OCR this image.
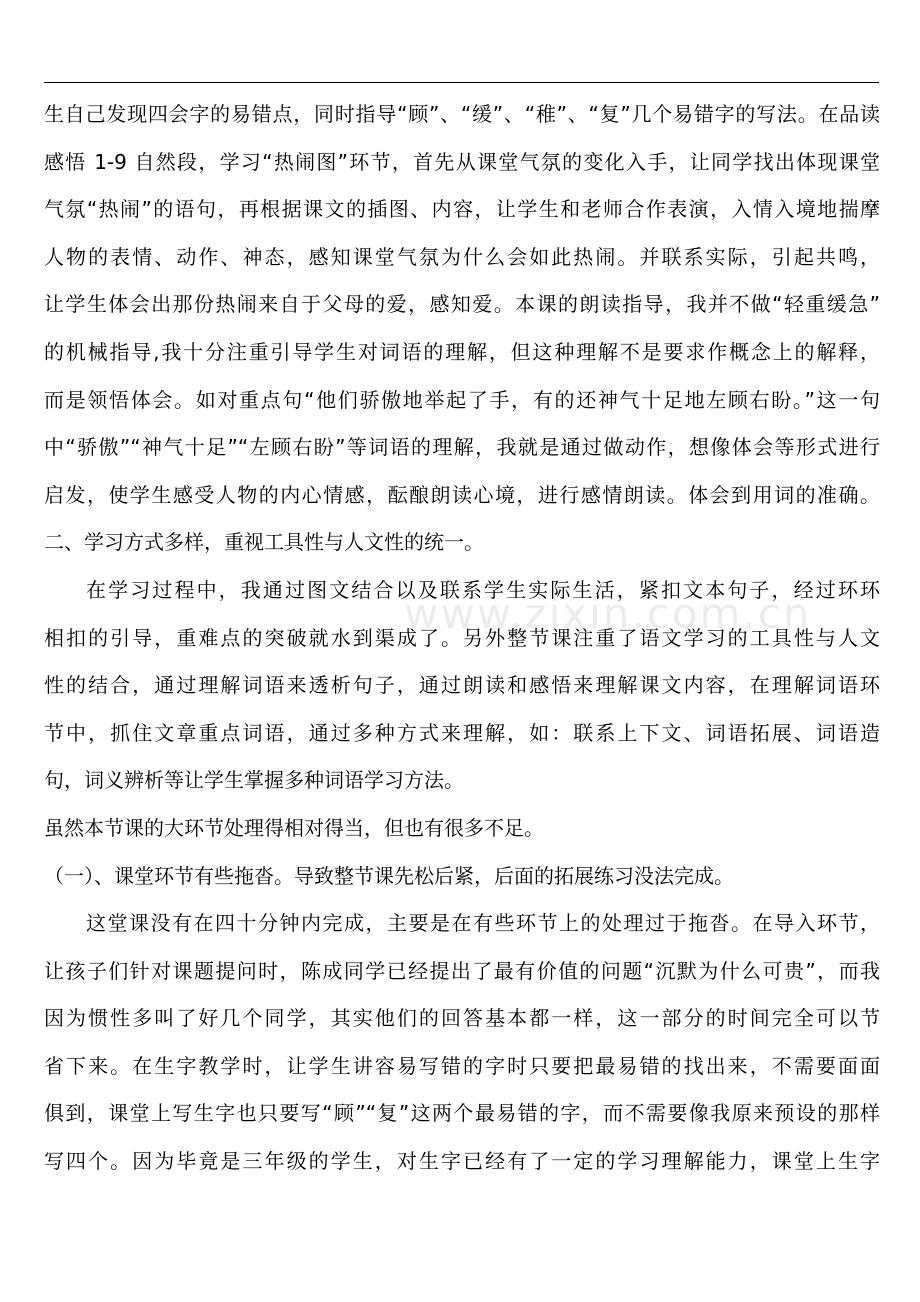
www.zixin.com.cn
生自己发现四会字的易错点，同时指导“顾”、“缓”、“稚”、“复”几个易错字的写法。在品读
感悟 1-9 自然段，学习“热闹图”环节，首先从课堂气氛的变化入手，让同学找出体现课堂
气氛“热闹”的语句，再根据课文的插图、内容，让学生和老师合作表演，入情入境地揣摩
人物的表情、动作、神态，感知课堂气氛为什么会如此热闹。并联系实际，引起共鸣，
让学生体会出那份热闹来自于父母的爱，感知爱。本课的朗读指导，我并不做“轻重缓急”
的机械指导,我十分注重引导学生对词语的理解，但这种理解不是要求作概念上的解释，
而是领悟体会。如对重点句“他们骄傲地举起了手，有的还神气十足地左顾右盼。”这一句
中“骄傲”“神气十足”“左顾右盼”等词语的理解，我就是通过做动作，想像体会等形式进行
启发，使学生感受人物的内心情感，酝酿朗读心境，进行感情朗读。体会到用词的准确。
二、学习方式多样，重视工具性与人文性的统一。
在学习过程中，我通过图文结合以及联系学生实际生活，紧扣文本句子，经过环环
相扣的引导，重难点的突破就水到渠成了。另外整节课注重了语文学习的工具性与人文
性的结合，通过理解词语来透析句子，通过朗读和感悟来理解课文内容，在理解词语环
节中，抓住文章重点词语，通过多种方式来理解，如：联系上下文、词语拓展、词语造
句，词义辨析等让学生掌握多种词语学习方法。
虽然本节课的大环节处理得相对得当，但也有很多不足。
（一）、课堂环节有些拖沓。导致整节课先松后紧，后面的拓展练习没法完成。
这堂课没有在四十分钟内完成，主要是在有些环节上的处理过于拖沓。在导入环节，
让孩子们针对课题提问时，陈成同学已经提出了最有价值的问题“沉默为什么可贵”，而我
因为惯性多叫了好几个同学，其实他们的回答基本都一样，这一部分的时间完全可以节
省下来。在生字教学时，让学生讲容易写错的字时只要把最易错的找出来，不需要面面
俱到，课堂上写生字也只要写“顾”“复”这两个最易错的字，而不需要像我原来预设的那样
写四个。因为毕竟是三年级的学生，对生字已经有了一定的学习理解能力，课堂上生字
